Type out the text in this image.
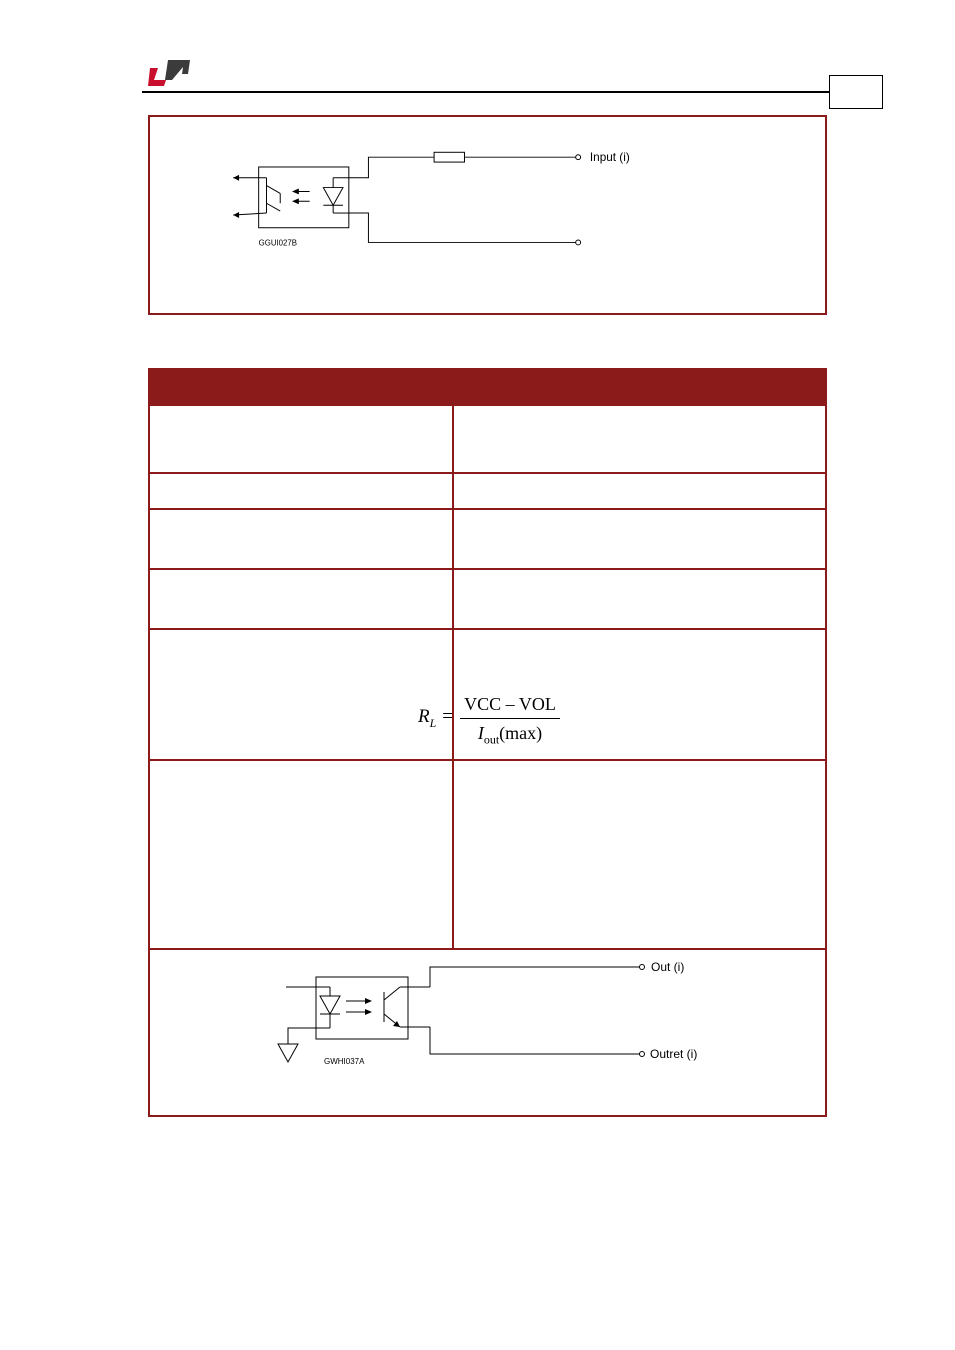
Input (i)
GGUI027B
Out (i)
Outret (i)
GWHI037A
$R_L$ =
VCC – VOL
$I_{out}(\max)$
